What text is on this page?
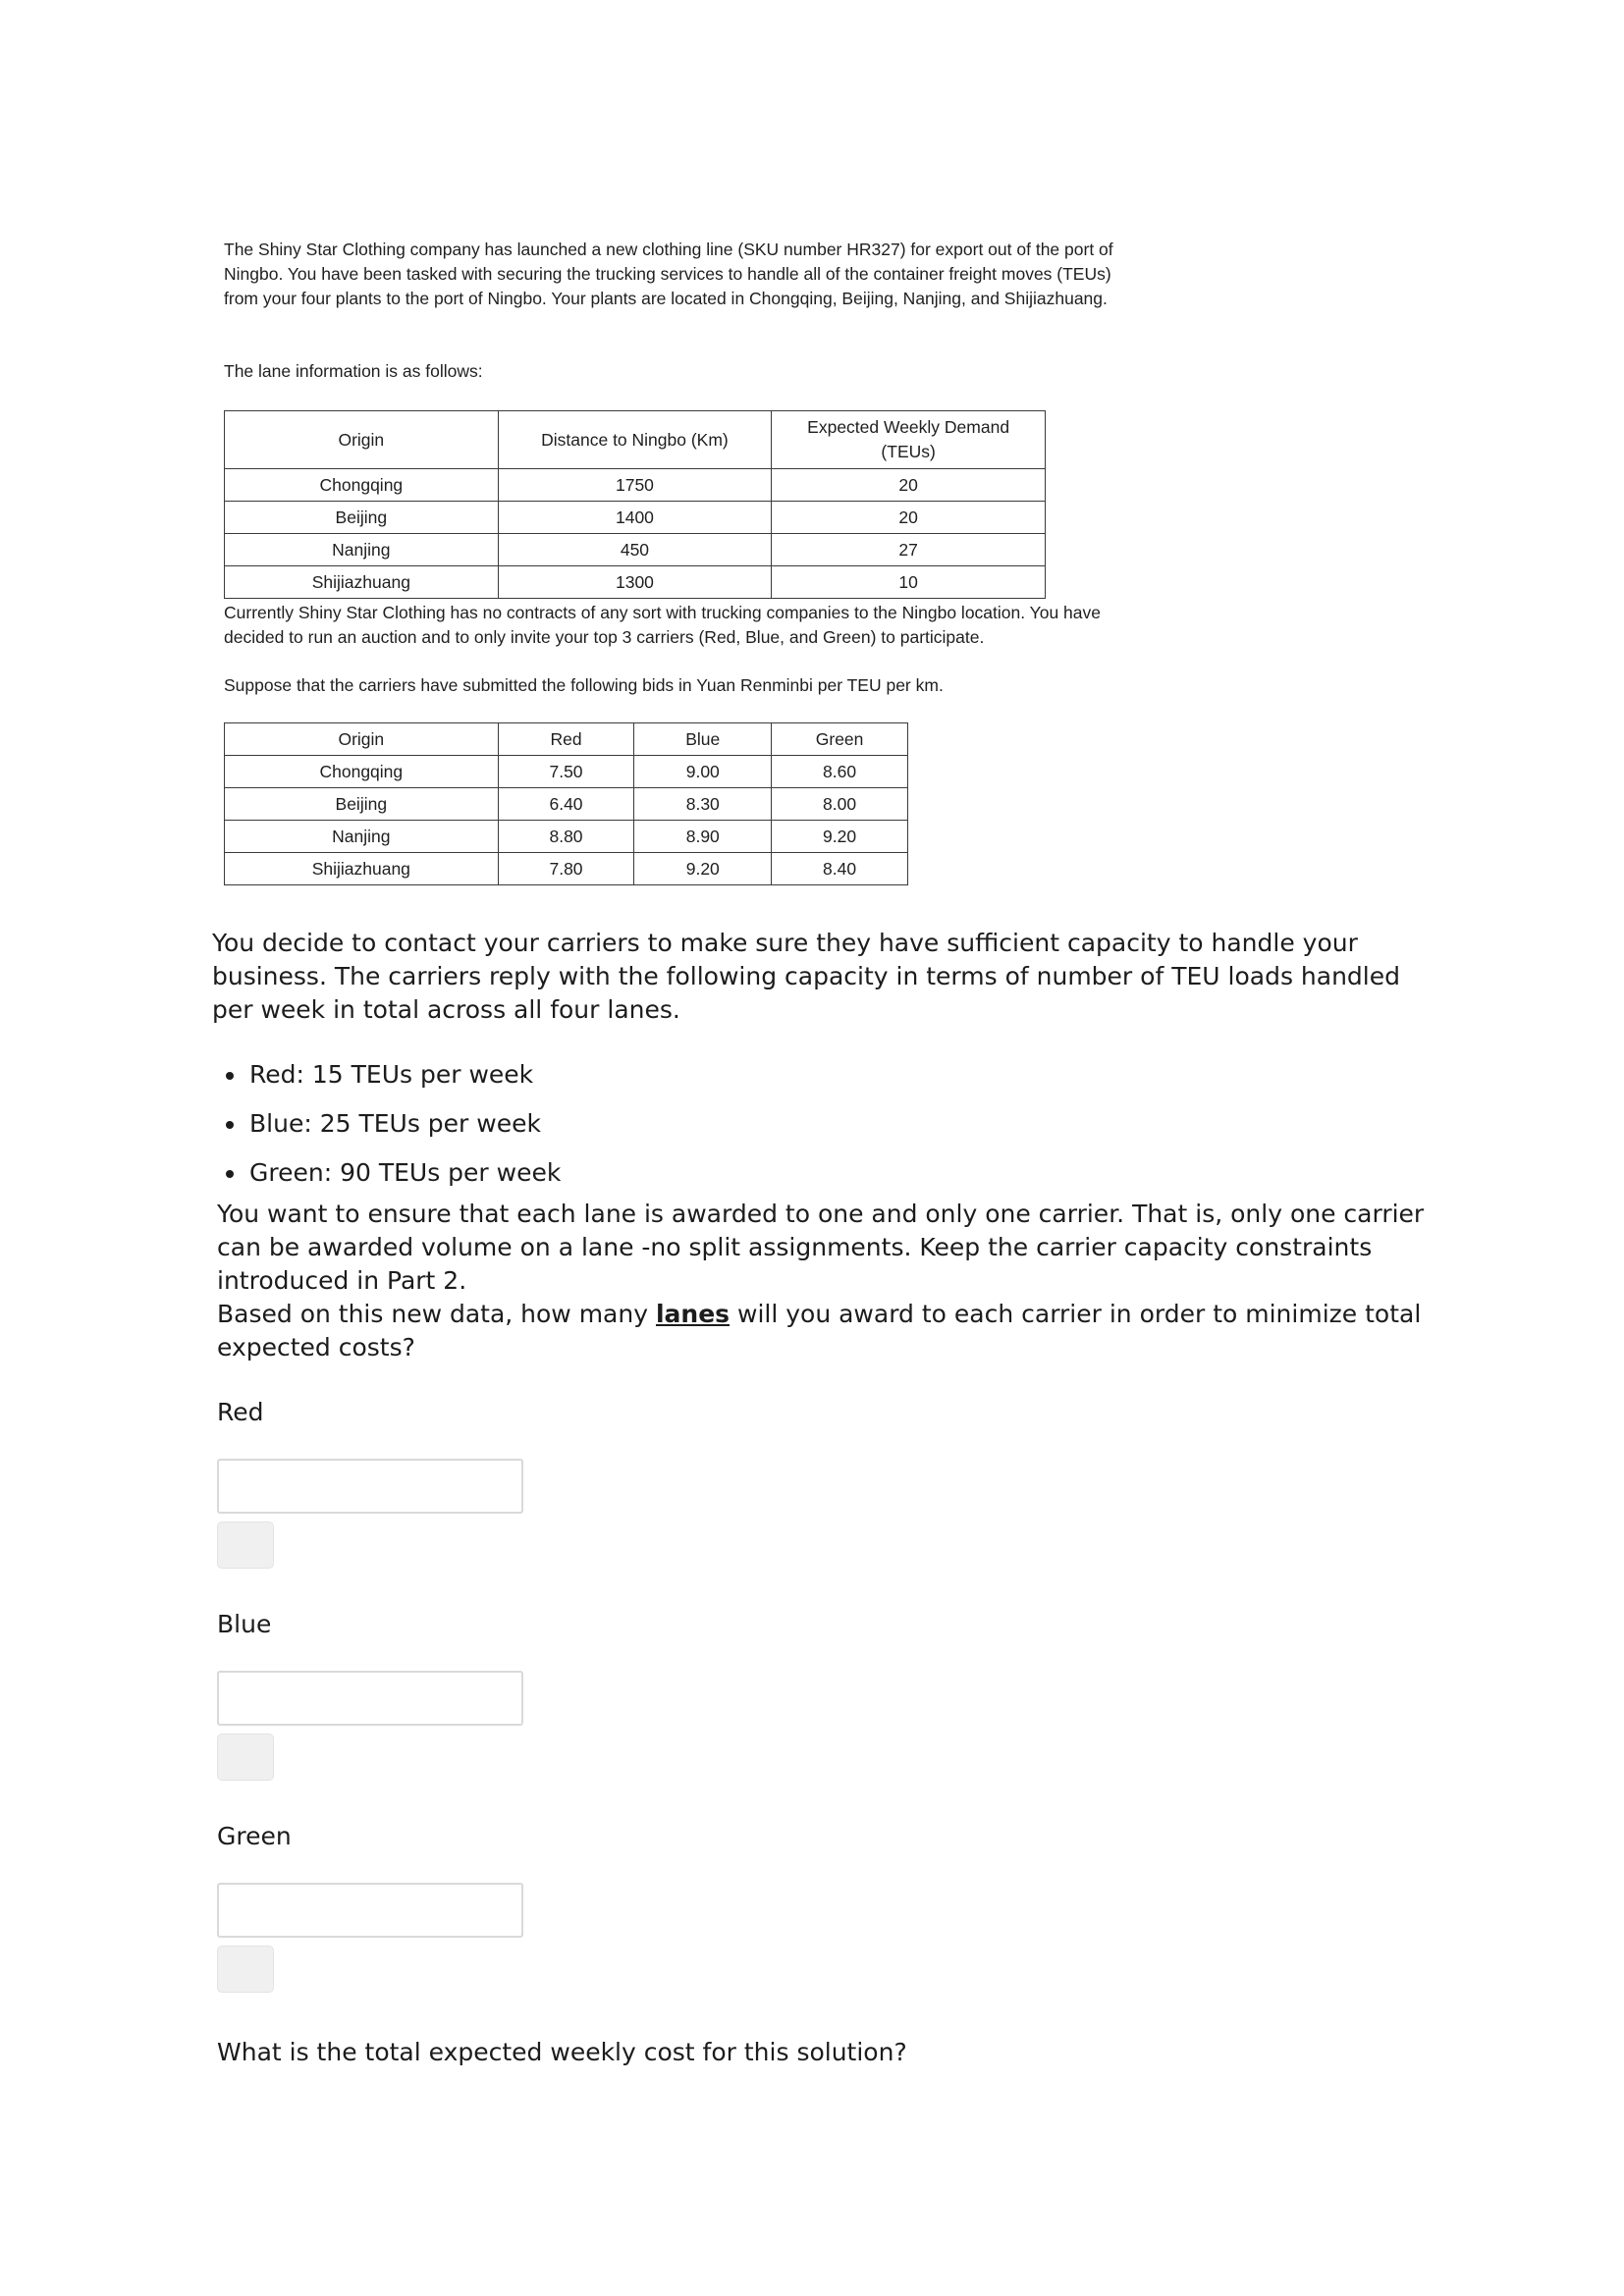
The Shiny Star Clothing company has launched a new clothing line (SKU number HR327) for export out of the port of Ningbo. You have been tasked with securing the trucking services to handle all of the container freight moves (TEUs) from your four plants to the port of Ningbo. Your plants are located in Chongqing, Beijing, Nanjing, and Shijiazhuang.

The lane information is as follows:

Origin	Distance to Ningbo (Km)	Expected Weekly Demand (TEUs)
Chongqing	1750	20
Beijing	1400	20
Nanjing	450	27
Shijiazhuang	1300	10

Currently Shiny Star Clothing has no contracts of any sort with trucking companies to the Ningbo location. You have decided to run an auction and to only invite your top 3 carriers (Red, Blue, and Green) to participate.

Suppose that the carriers have submitted the following bids in Yuan Renminbi per TEU per km.

Origin	Red	Blue	Green
Chongqing	7.50	9.00	8.60
Beijing	6.40	8.30	8.00
Nanjing	8.80	8.90	9.20
Shijiazhuang	7.80	9.20	8.40

You decide to contact your carriers to make sure they have sufficient capacity to handle your business. The carriers reply with the following capacity in terms of number of TEU loads handled per week in total across all four lanes.

Red: 15 TEUs per week
Blue: 25 TEUs per week
Green: 90 TEUs per week

You want to ensure that each lane is awarded to one and only one carrier. That is, only one carrier can be awarded volume on a lane -no split assignments. Keep the carrier capacity constraints introduced in Part 2.

Based on this new data, how many lanes will you award to each carrier in order to minimize total expected costs?

Red
Blue
Green

What is the total expected weekly cost for this solution?
